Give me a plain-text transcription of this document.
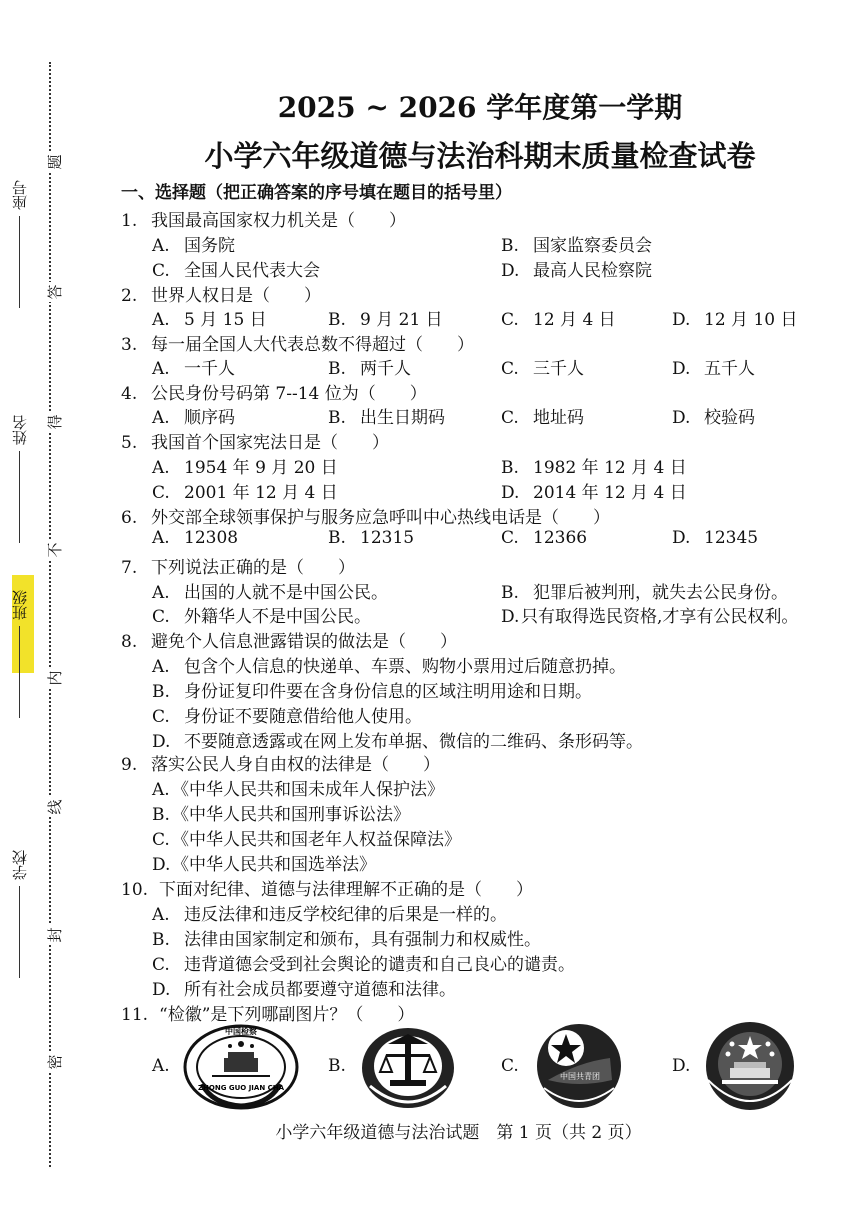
座号
姓名
班级
学校
题
答
得
不
内
线
封
密
2025 ~ 2026 学年度第一学期
小学六年级道德与法治科期末质量检查试卷
一、选择题（把正确答案的序号填在题目的括号里）
1. 我国最高国家权力机关是（　　）
A. 国务院	B. 国家监察委员会
C. 全国人民代表大会	D. 最高人民检察院
2. 世界人权日是（　　）
A. 5 月 15 日	B. 9 月 21 日	C. 12 月 4 日	D. 12 月 10 日
3. 每一届全国人大代表总数不得超过（　　）
A. 一千人	B. 两千人	C. 三千人	D. 五千人
4. 公民身份号码第 7--14 位为（　　）
A. 顺序码	B. 出生日期码	C. 地址码	D. 校验码
5. 我国首个国家宪法日是（　　）
A. 1954 年 9 月 20 日	B. 1982 年 12 月 4 日
C. 2001 年 12 月 4 日	D. 2014 年 12 月 4 日
6. 外交部全球领事保护与服务应急呼叫中心热线电话是（　　）
A. 12308	B. 12315	C. 12366	D. 12345
7. 下列说法正确的是（　　）
A. 出国的人就不是中国公民。	B. 犯罪后被判刑，就失去公民身份。
C. 外籍华人不是中国公民。	D.只有取得选民资格,才享有公民权利。
8. 避免个人信息泄露错误的做法是（　　）
A. 包含个人信息的快递单、车票、购物小票用过后随意扔掉。
B. 身份证复印件要在含身份信息的区域注明用途和日期。
C. 身份证不要随意借给他人使用。
D. 不要随意透露或在网上发布单据、微信的二维码、条形码等。
9. 落实公民人身自由权的法律是（　　）
A. 《中华人民共和国未成年人保护法》
B. 《中华人民共和国刑事诉讼法》
C. 《中华人民共和国老年人权益保障法》
D.《中华人民共和国选举法》
10. 下面对纪律、道德与法律理解不正确的是（　　）
A. 违反法律和违反学校纪律的后果是一样的。
B. 法律由国家制定和颁布，具有强制力和权威性。
C. 违背道德会受到社会舆论的谴责和自己良心的谴责。
D. 所有社会成员都要遵守道德和法律。
11. “检徽”是下列哪副图片？（　　）
A.	B.	C.	D.
中国检察
ZHONG GUO JIAN CHA
中国共青团
小学六年级道德与法治试题　第 1 页（共 2 页）
